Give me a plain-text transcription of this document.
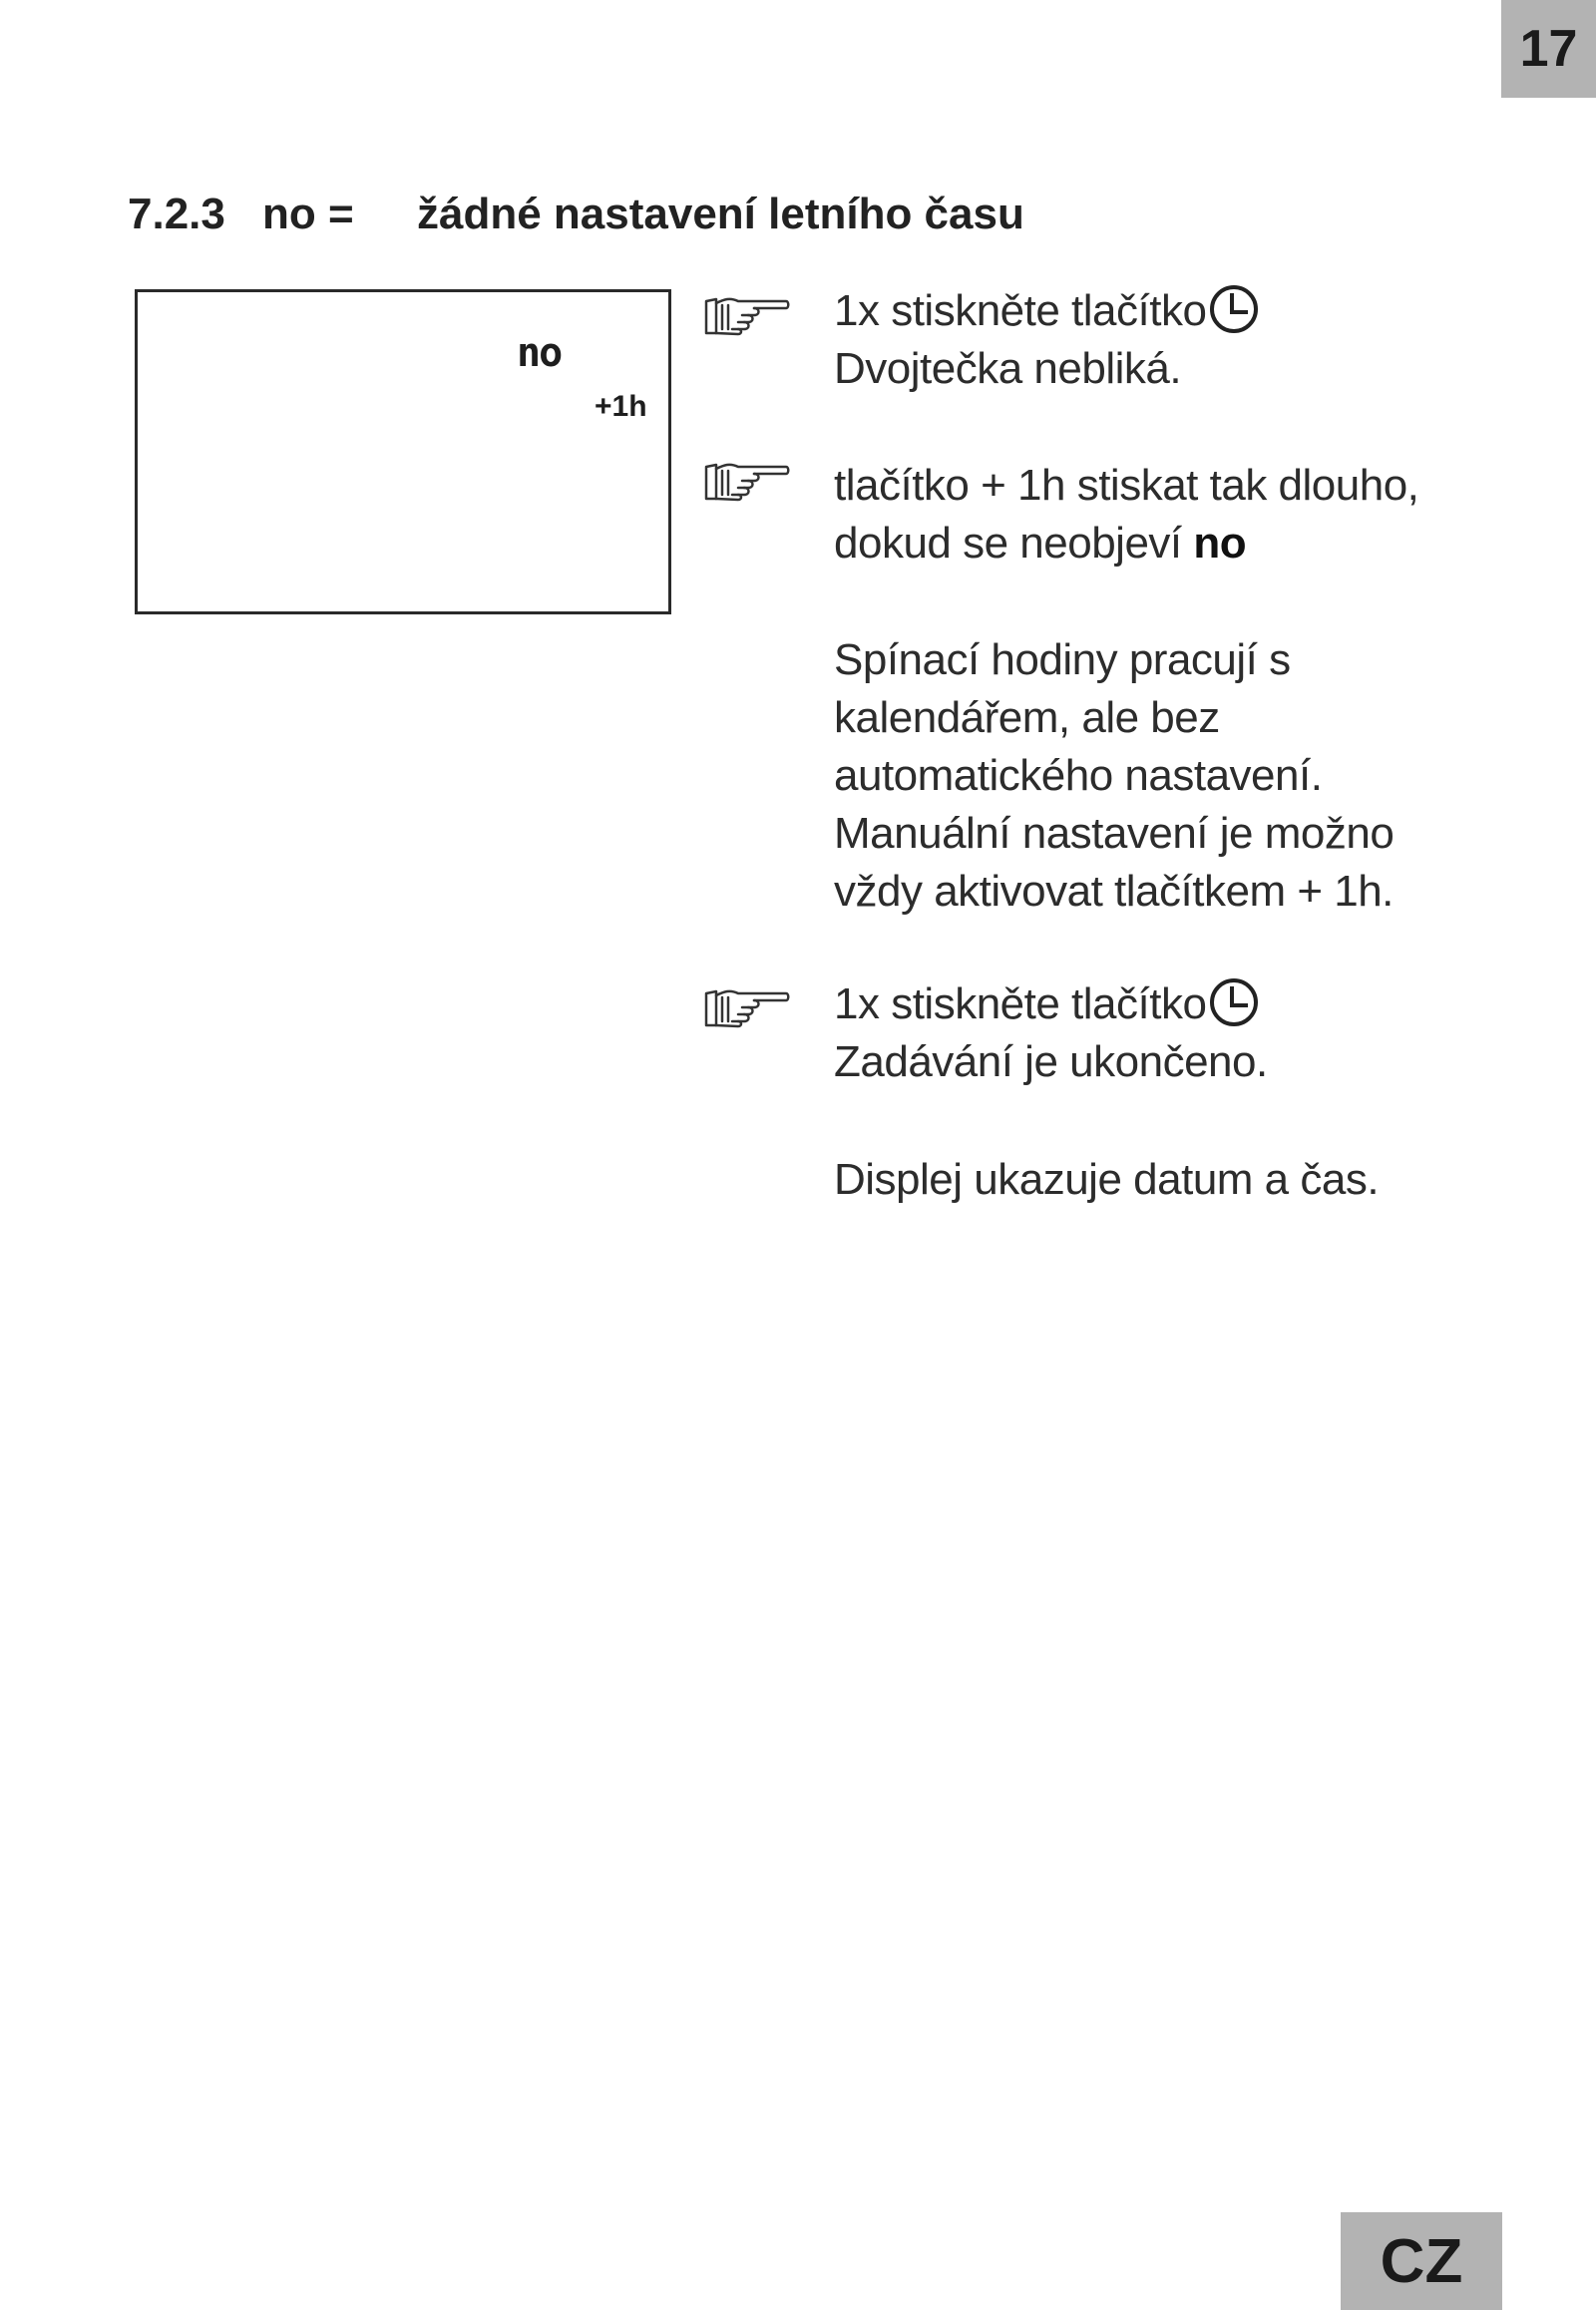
17
7.2.3 no = žádné nastavení letního času
no
+1h
1x stiskněte tlačítko
Dvojtečka nebliká.
tlačítko + 1h stiskat tak dlouho,
dokud se neobjeví no
Spínací hodiny pracují s
kalendářem, ale bez
automatického nastavení.
Manuální nastavení je možno
vždy aktivovat tlačítkem + 1h.
1x stiskněte tlačítko
Zadávání je ukončeno.
Displej ukazuje datum a čas.
CZ
